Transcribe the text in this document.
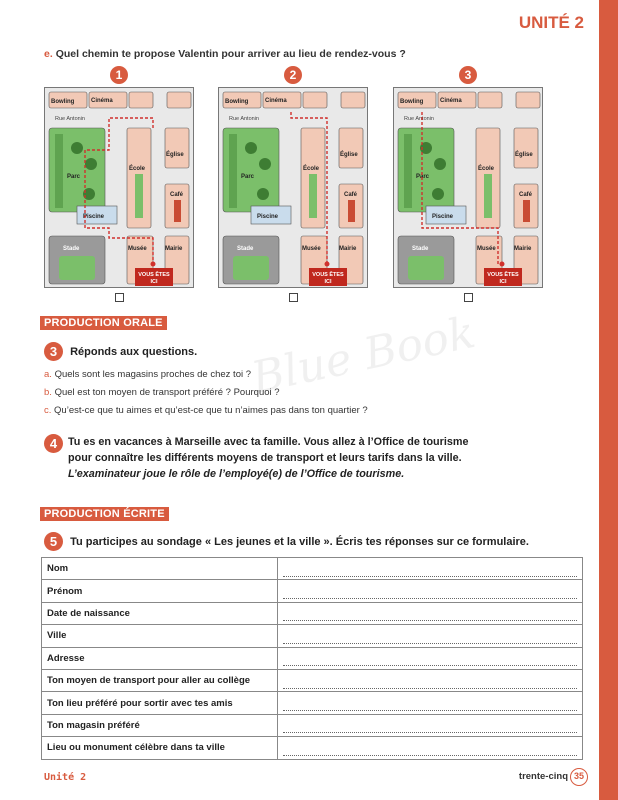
UNITÉ 2
e. Quel chemin te propose Valentin pour arriver au lieu de rendez-vous ?
1
Bowling	Cinéma
Rue Antonin
Parc
École
Église
Café
Piscine
Stade	Musée	Mairie
VOUS ÊTES
ICI
2
Bowling	Cinéma
Rue Antonin
Parc
École
Église
Café
Piscine
Stade	Musée	Mairie
VOUS ÊTES
ICI
3
Bowling	Cinéma
Rue Antonin
Parc
École
Église
Café
Piscine
Stade	Musée	Mairie
VOUS ÊTES
ICI
Blue Book
PRODUCTION ORALE
3 Réponds aux questions.
a. Quels sont les magasins proches de chez toi ?
b. Quel est ton moyen de transport préféré ? Pourquoi ?
c. Qu’est-ce que tu aimes et qu’est-ce que tu n’aimes pas dans ton quartier ?
4	Tu es en vacances à Marseille avec ta famille. Vous allez à l’Office de tourisme
pour connaître les différents moyens de transport et leurs tarifs dans la ville.
L’examinateur joue le rôle de l’employé(e) de l’Office de tourisme.
PRODUCTION ÉCRITE
5 Tu participes au sondage « Les jeunes et la ville ». Écris tes réponses sur ce formulaire.
Nom	

Prénom	

Date de naissance	

Ville	

Adresse	

Ton moyen de transport pour aller au collège	

Ton lieu préféré pour sortir avec tes amis	

Ton magasin préféré	

Lieu ou monument célèbre dans ta ville	
Unité 2	trente-cinq 35
